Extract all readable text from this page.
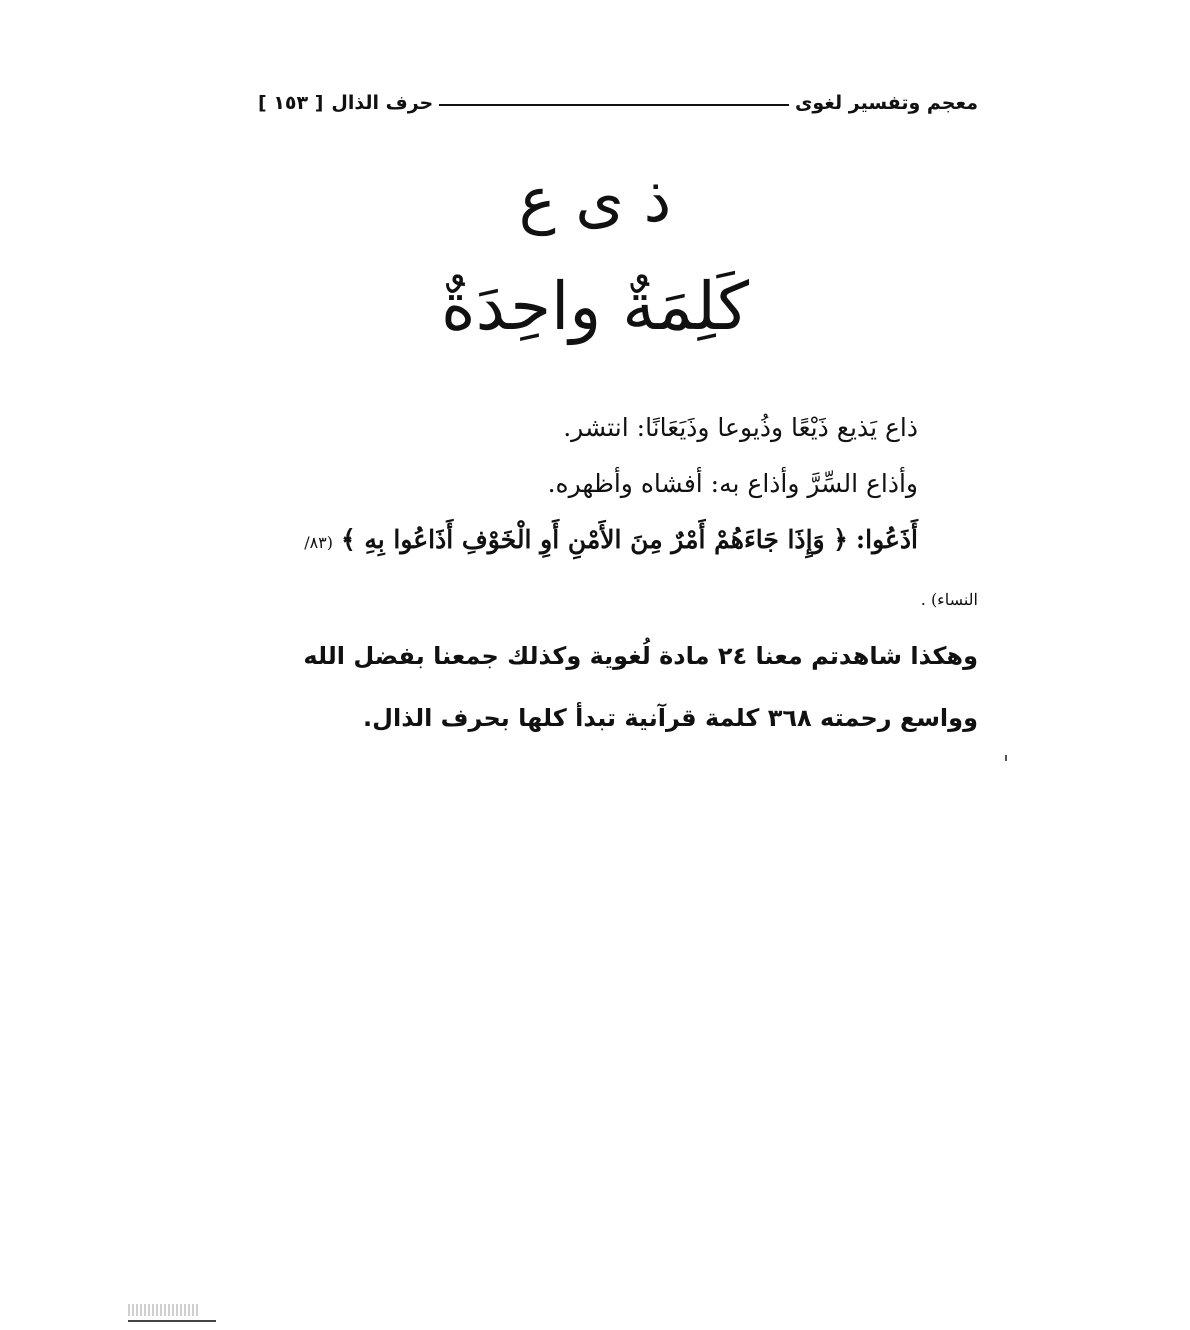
معجم وتفسير لغوى
حرف الذال
[ ١٥٣ ]
ذ ى ع
كَلِمَةٌ واحِدَةٌ
ذاع يَذيع ذَيْعًا وذُيوعا وذَيَعَانًا: انتشر.
وأذاع السِّرَّ وأذاع به: أفشاه وأظهره.
أَذَعُوا: ﴿ وَإِذَا جَاءَهُمْ أَمْرٌ مِنَ الأَمْنِ أَوِ الْخَوْفِ أَذَاعُوا بِهِ ﴾ (٨٣/
النساء) .

وهكذا شاهدتم معنا ٢٤ مادة لُغوية وكذلك جمعنا بفضل الله

وواسع رحمته ٣٦٨ كلمة قرآنية تبدأ كلها بحرف الذال.
